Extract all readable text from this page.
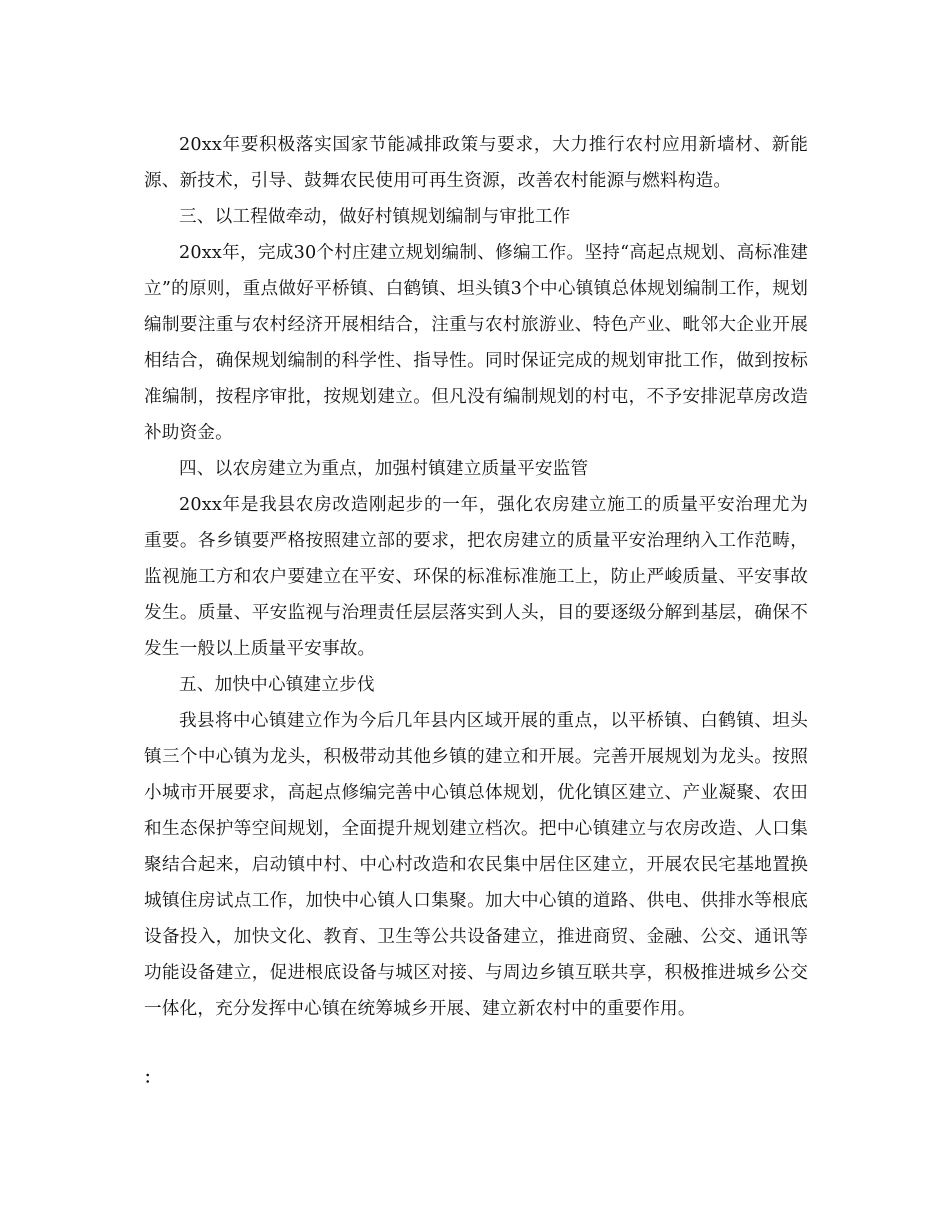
20xx年要积极落实国家节能减排政策与要求，大力推行农村应用新墙材、新能源、新技术，引导、鼓舞农民使用可再生资源，改善农村能源与燃料构造。

三、以工程做牵动，做好村镇规划编制与审批工作

20xx年，完成30个村庄建立规划编制、修编工作。坚持“高起点规划、高标准建立”的原则，重点做好平桥镇、白鹤镇、坦头镇3个中心镇镇总体规划编制工作，规划编制要注重与农村经济开展相结合，注重与农村旅游业、特色产业、毗邻大企业开展相结合，确保规划编制的科学性、指导性。同时保证完成的规划审批工作，做到按标准编制，按程序审批，按规划建立。但凡没有编制规划的村屯，不予安排泥草房改造补助资金。

四、以农房建立为重点，加强村镇建立质量平安监管

20xx年是我县农房改造刚起步的一年，强化农房建立施工的质量平安治理尤为重要。各乡镇要严格按照建立部的要求，把农房建立的质量平安治理纳入工作范畴，监视施工方和农户要建立在平安、环保的标准标准施工上，防止严峻质量、平安事故发生。质量、平安监视与治理责任层层落实到人头，目的要逐级分解到基层，确保不发生一般以上质量平安事故。

五、加快中心镇建立步伐

我县将中心镇建立作为今后几年县内区域开展的重点，以平桥镇、白鹤镇、坦头镇三个中心镇为龙头，积极带动其他乡镇的建立和开展。完善开展规划为龙头。按照小城市开展要求，高起点修编完善中心镇总体规划，优化镇区建立、产业凝聚、农田和生态保护等空间规划，全面提升规划建立档次。把中心镇建立与农房改造、人口集聚结合起来，启动镇中村、中心村改造和农民集中居住区建立，开展农民宅基地置换城镇住房试点工作，加快中心镇人口集聚。加大中心镇的道路、供电、供排水等根底设备投入，加快文化、教育、卫生等公共设备建立，推进商贸、金融、公交、通讯等功能设备建立，促进根底设备与城区对接、与周边乡镇互联共享，积极推进城乡公交一体化，充分发挥中心镇在统筹城乡开展、建立新农村中的重要作用。

：
